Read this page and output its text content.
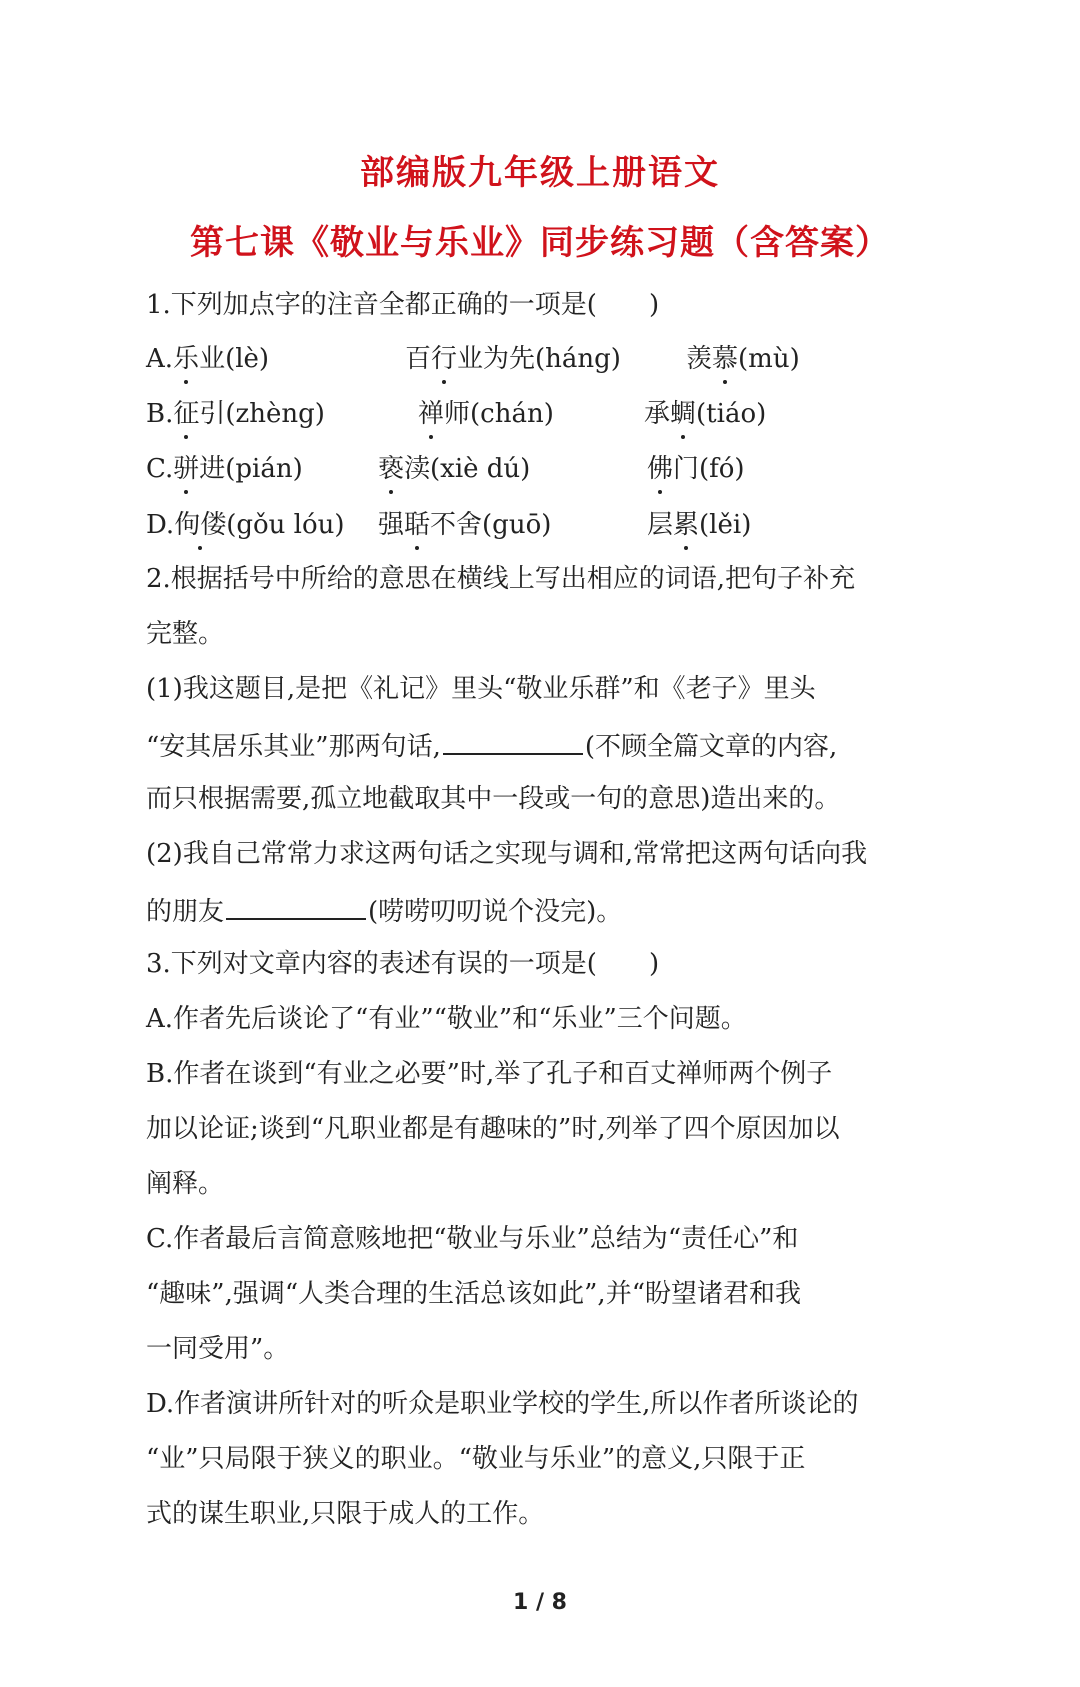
部编版九年级上册语文
第七课《敬业与乐业》同步练习题（含答案）
1.下列加点字的注音全都正确的一项是(　　)
A.乐业(lè)	百行业为先(háng)	羡慕(mù)
B.征引(zhèng)	禅师(chán)	承蜩(tiáo)
C.骈进(pián)	亵渎(xiè dú)	佛门(fó)
D.佝偻(gǒu lóu) 强聒不舍(guō)	层累(lěi)
2.根据括号中所给的意思在横线上写出相应的词语,把句子补充
完整。
(1)我这题目,是把《礼记》里头“敬业乐群”和《老子》里头
“安其居乐其业”那两句话,	(不顾全篇文章的内容,
而只根据需要,孤立地截取其中一段或一句的意思)造出来的。
(2)我自己常常力求这两句话之实现与调和,常常把这两句话向我
的朋友	(唠唠叨叨说个没完)。
3.下列对文章内容的表述有误的一项是(　　)
A.作者先后谈论了“有业”“敬业”和“乐业”三个问题。
B.作者在谈到“有业之必要”时,举了孔子和百丈禅师两个例子
加以论证;谈到“凡职业都是有趣味的”时,列举了四个原因加以
阐释。
C.作者最后言简意赅地把“敬业与乐业”总结为“责任心”和
“趣味”,强调“人类合理的生活总该如此”,并“盼望诸君和我
一同受用”。
D.作者演讲所针对的听众是职业学校的学生,所以作者所谈论的
“业”只局限于狭义的职业。“敬业与乐业”的意义,只限于正
式的谋生职业,只限于成人的工作。
1 / 8
